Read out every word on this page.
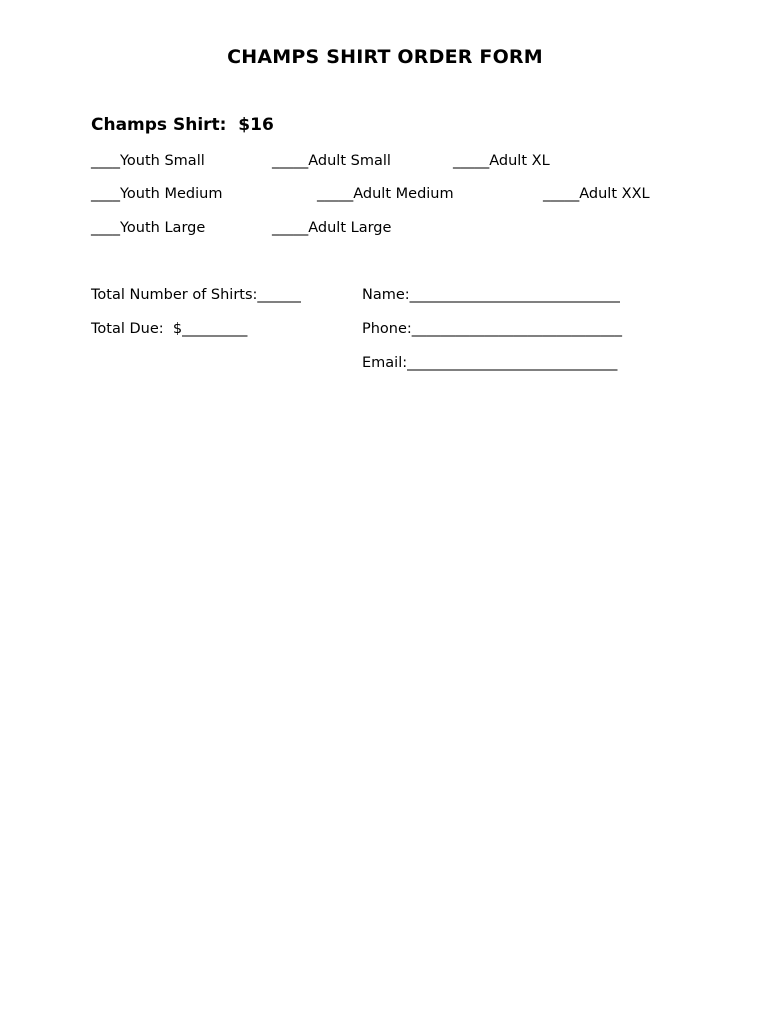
CHAMPS SHIRT ORDER FORM
Champs Shirt:  $16
____Youth Small	_____Adult Small	_____Adult XL
____Youth Medium	_____Adult Medium	_____Adult XXL
____Youth Large	_____Adult Large
Total Number of Shirts:______
Total Due:  $_________
Name:_____________________________
Phone:_____________________________
Email:_____________________________
